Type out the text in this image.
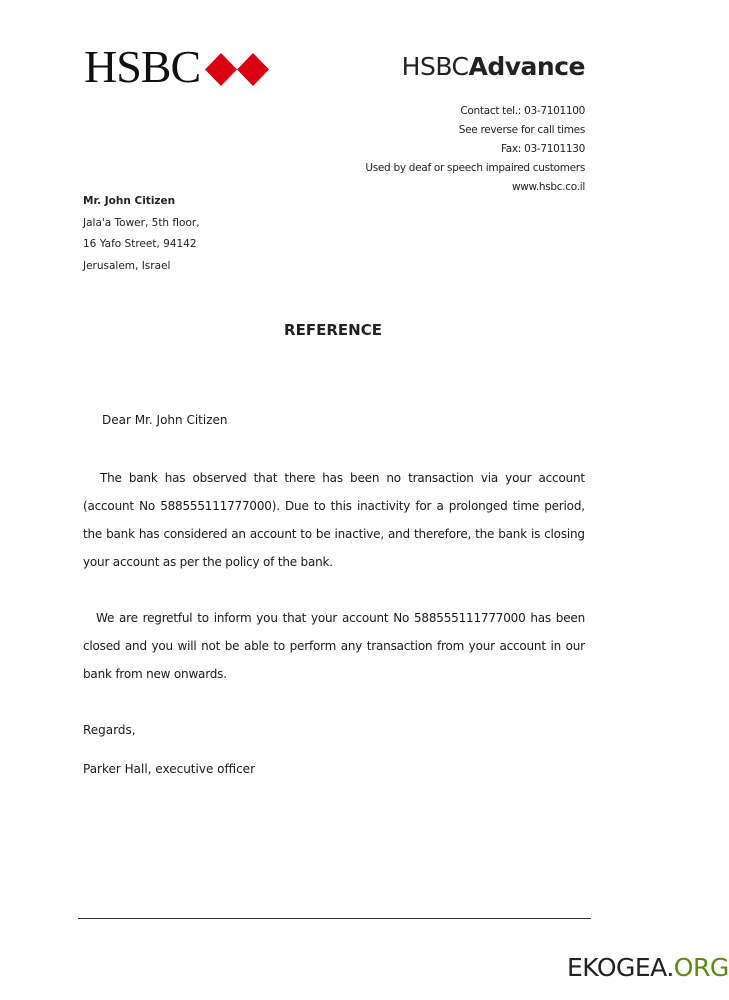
HSBC	HSBCAdvance
Contact tel.: 03-7101100
See reverse for call times
Fax: 03-7101130
Used by deaf or speech impaired customers
www.hsbc.co.il
Mr. John Citizen
Jala'a Tower, 5th floor,
16 Yafo Street, 94142
Jerusalem, Israel
REFERENCE
Dear Mr. John Citizen
The bank has observed that there has been no transaction via your account
(account No 588555111777000). Due to this inactivity for a prolonged time period,
the bank has considered an account to be inactive, and therefore, the bank is closing
your account as per the policy of the bank.
We are regretful to inform you that your account No 588555111777000 has been
closed and you will not be able to perform any transaction from your account in our
bank from new onwards.
Regards,
Parker Hall, executive officer
EKOGEA.ORG
